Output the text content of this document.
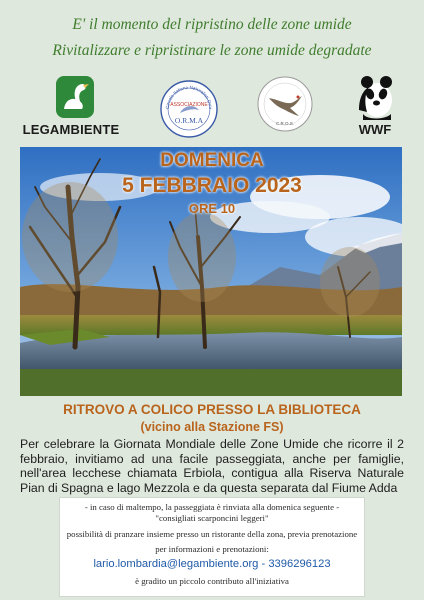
E' il momento del ripristino delle zone umide
Rivitalizzare e ripristinare le zone umide degradate
LEGAMBIENTE
Circolo Italiano Naturalisti Orni
ASSOCIAZIONE
O.R.M.A	C.R.O.S.	WWF
DOMENICA
5 FEBBRAIO 2023
ORE 10
RITROVO A COLICO PRESSO LA BIBLIOTECA
(vicino alla Stazione FS)
Per celebrare la Giornata Mondiale delle Zone Umide che ricorre il 2 febbraio, invitiamo ad una facile passeggiata, anche per famiglie, nell'area lecchese chiamata Erbiola, contigua alla Riserva Naturale Pian di Spagna e lago Mezzola e da questa separata dal Fiume Adda
- in caso di maltempo, la passeggiata è rinviata alla domenica seguente -
"consigliati scarponcini leggeri"
possibilità di pranzare insieme presso un ristorante della zona, previa prenotazione
per informazioni e prenotazioni:
lario.lombardia@legambiente.org - 3396296123
è gradito un piccolo contributo all'iniziativa
